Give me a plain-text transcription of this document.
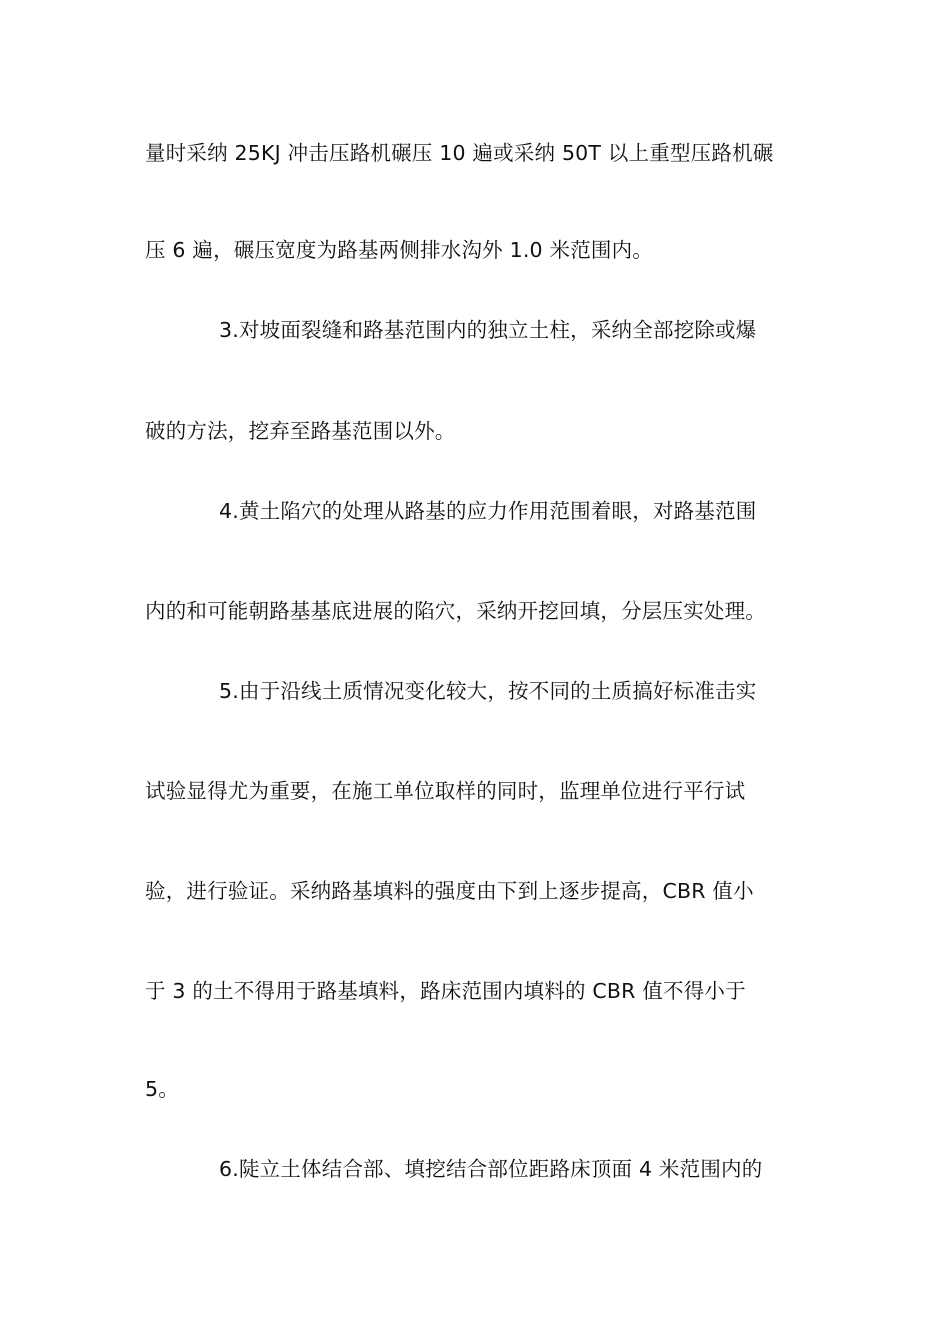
量时采纳 25KJ 冲击压路机碾压 10 遍或采纳 50T 以上重型压路机碾
压 6 遍，碾压宽度为路基两侧排水沟外 1.0 米范围内。
3.对坡面裂缝和路基范围内的独立土柱，采纳全部挖除或爆
破的方法，挖弃至路基范围以外。
4.黄土陷穴的处理从路基的应力作用范围着眼，对路基范围
内的和可能朝路基基底进展的陷穴，采纳开挖回填，分层压实处理。
5.由于沿线土质情况变化较大，按不同的土质搞好标准击实
试验显得尤为重要，在施工单位取样的同时，监理单位进行平行试
验，进行验证。采纳路基填料的强度由下到上逐步提高，CBR 值小
于 3 的土不得用于路基填料，路床范围内填料的 CBR 值不得小于
5。
6.陡立土体结合部、填挖结合部位距路床顶面 4 米范围内的
